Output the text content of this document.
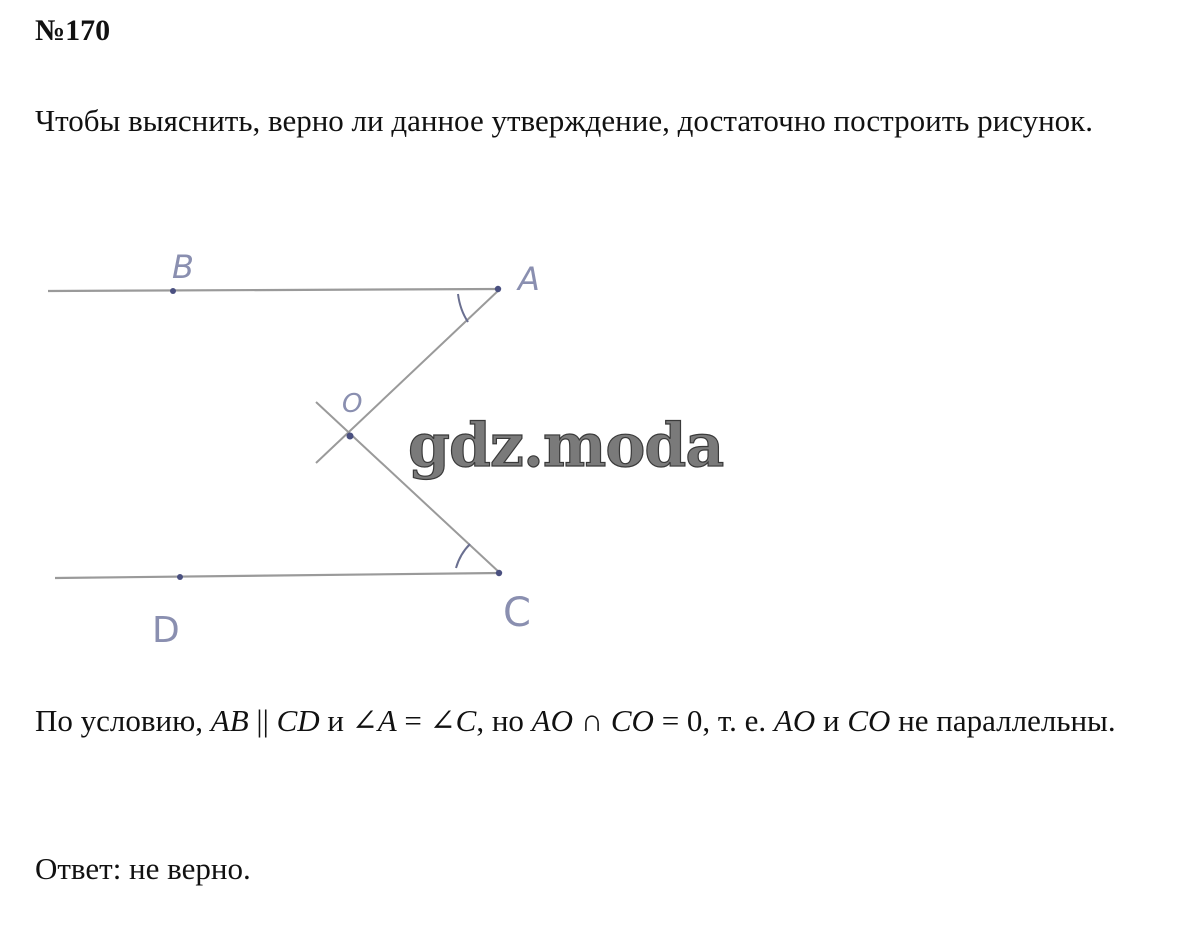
№170
Чтобы выяснить, верно ли данное утверждение, достаточно построить рисунок.
B	A
O
C
D
gdz.moda
По условию, AB || CD и ∠A = ∠C, но AO ∩ CO = 0, т. е. AO и CO не параллельны.
Ответ: не верно.
